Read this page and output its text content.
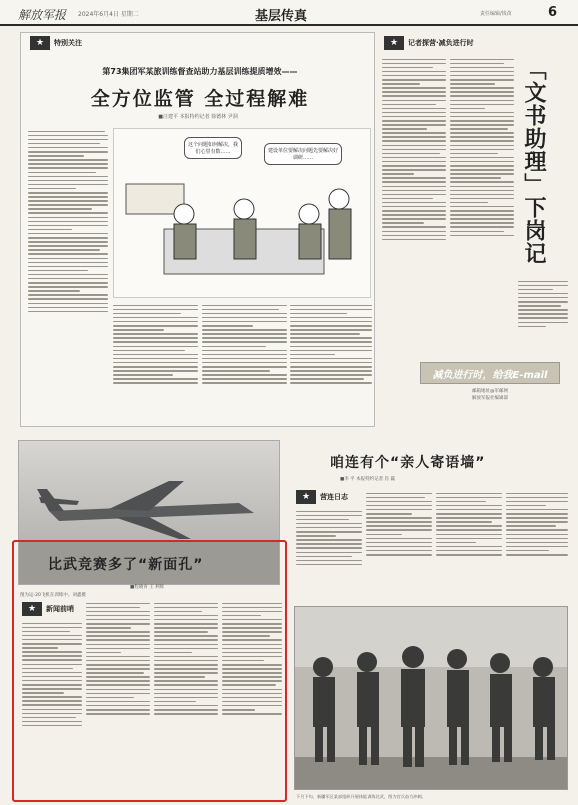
解放军报 2024年6月4日 星期二	基层传真	责任编辑/钱苗	6
★	特别关注
第73集团军某旅训练督查站助力基层训练提质增效——
全方位监管 全过程解难
■汪建平 本报特约记者 徐德林 尹洞
这个问题如何解决，我们心里有数……	建设单位要解决问题先要解决好调研……
★	记者探营·减负进行时
「文书助理」下岗记
减负进行时，给我E-mail
邮箱地址@军邮网
解放军报社编辑部
图为运-20飞机在训练中。刘鑫摄
咱连有个“亲人寄语墙”
■李 平 本报特约记者 肖 赢
★	营连日志
比武竞赛多了“新面孔”
■程晓青 王 利辉
★	新闻前哨
下月下旬，新疆军区某部组织开展体能训练比武，图为官兵奋力冲刺。
